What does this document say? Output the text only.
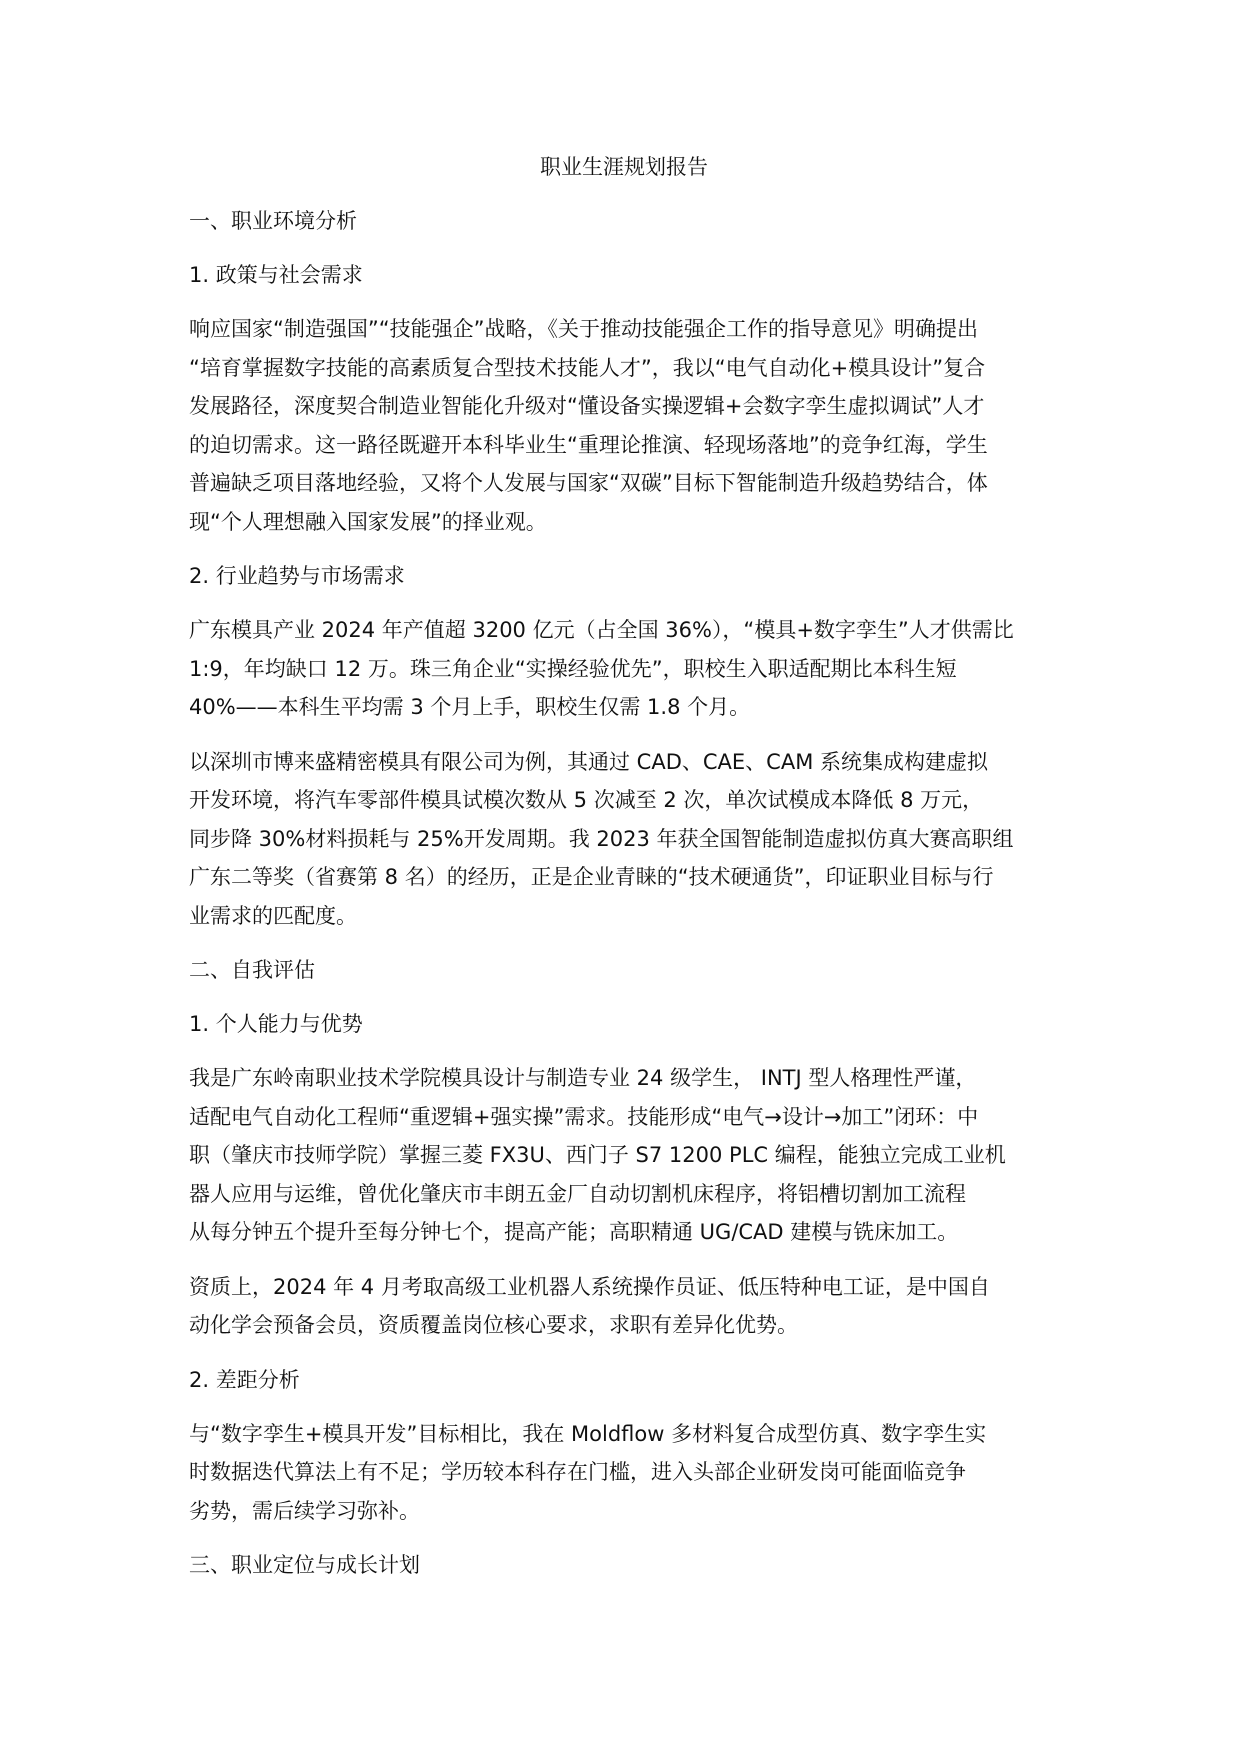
职业生涯规划报告
一、职业环境分析
1. 政策与社会需求
响应国家“制造强国”“技能强企”战略，《关于推动技能强企工作的指导意见》明确提出
“培育掌握数字技能的高素质复合型技术技能人才”，我以“电气自动化+模具设计”复合
发展路径，深度契合制造业智能化升级对“懂设备实操逻辑+会数字孪生虚拟调试”人才
的迫切需求。这一路径既避开本科毕业生“重理论推演、轻现场落地”的竞争红海，学生
普遍缺乏项目落地经验，又将个人发展与国家“双碳”目标下智能制造升级趋势结合，体
现“个人理想融入国家发展”的择业观。
2. 行业趋势与市场需求
广东模具产业 2024 年产值超 3200 亿元（占全国 36%），“模具+数字孪生”人才供需比
1:9，年均缺口 12 万。珠三角企业“实操经验优先”，职校生入职适配期比本科生短
40%——本科生平均需 3 个月上手，职校生仅需 1.8 个月。
以深圳市博来盛精密模具有限公司为例，其通过 CAD、CAE、CAM 系统集成构建虚拟
开发环境，将汽车零部件模具试模次数从 5 次减至 2 次，单次试模成本降低 8 万元，
同步降 30%材料损耗与 25%开发周期。我 2023 年获全国智能制造虚拟仿真大赛高职组
广东二等奖（省赛第 8 名）的经历，正是企业青睐的“技术硬通货”，印证职业目标与行
业需求的匹配度。
二、自我评估
1. 个人能力与优势
我是广东岭南职业技术学院模具设计与制造专业 24 级学生， INTJ 型人格理性严谨，
适配电气自动化工程师“重逻辑+强实操”需求。技能形成“电气→设计→加工”闭环：中
职（肇庆市技师学院）掌握三菱 FX3U、西门子 S7 1200 PLC 编程，能独立完成工业机
器人应用与运维，曾优化肇庆市丰朗五金厂自动切割机床程序，将铝槽切割加工流程
从每分钟五个提升至每分钟七个，提高产能；高职精通 UG/CAD 建模与铣床加工。
资质上，2024 年 4 月考取高级工业机器人系统操作员证、低压特种电工证，是中国自
动化学会预备会员，资质覆盖岗位核心要求，求职有差异化优势。
2. 差距分析
与“数字孪生+模具开发”目标相比，我在 Moldflow 多材料复合成型仿真、数字孪生实
时数据迭代算法上有不足；学历较本科存在门槛，进入头部企业研发岗可能面临竞争
劣势，需后续学习弥补。
三、职业定位与成长计划
